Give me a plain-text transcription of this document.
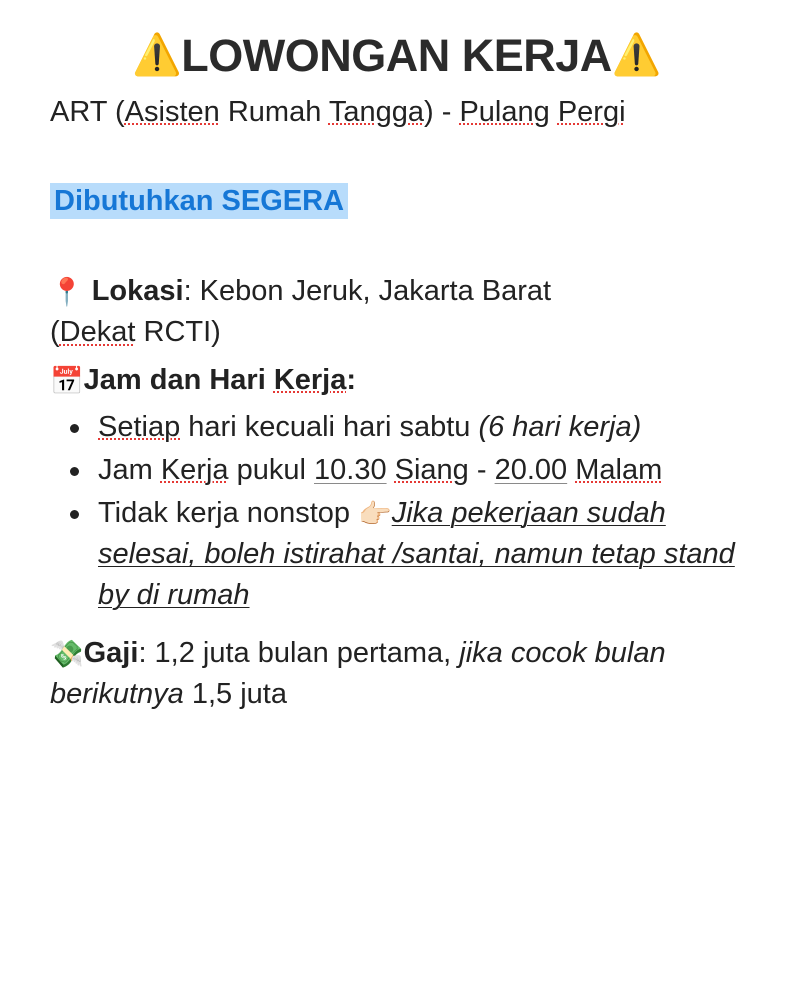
⚠️LOWONGAN KERJA⚠️

ART (Asisten Rumah Tangga) - Pulang Pergi

Dibutuhkan SEGERA

📍 Lokasi: Kebon Jeruk, Jakarta Barat
(Dekat RCTI)

📅Jam dan Hari Kerja:

Setiap hari kecuali hari sabtu (6 hari kerja)
Jam Kerja pukul 10.30 Siang - 20.00 Malam
Tidak kerja nonstop 👉🏻Jika pekerjaan sudah selesai, boleh istirahat /santai, namun tetap stand by di rumah

💸Gaji: 1,2 juta bulan pertama, jika cocok bulan berikutnya 1,5 juta
